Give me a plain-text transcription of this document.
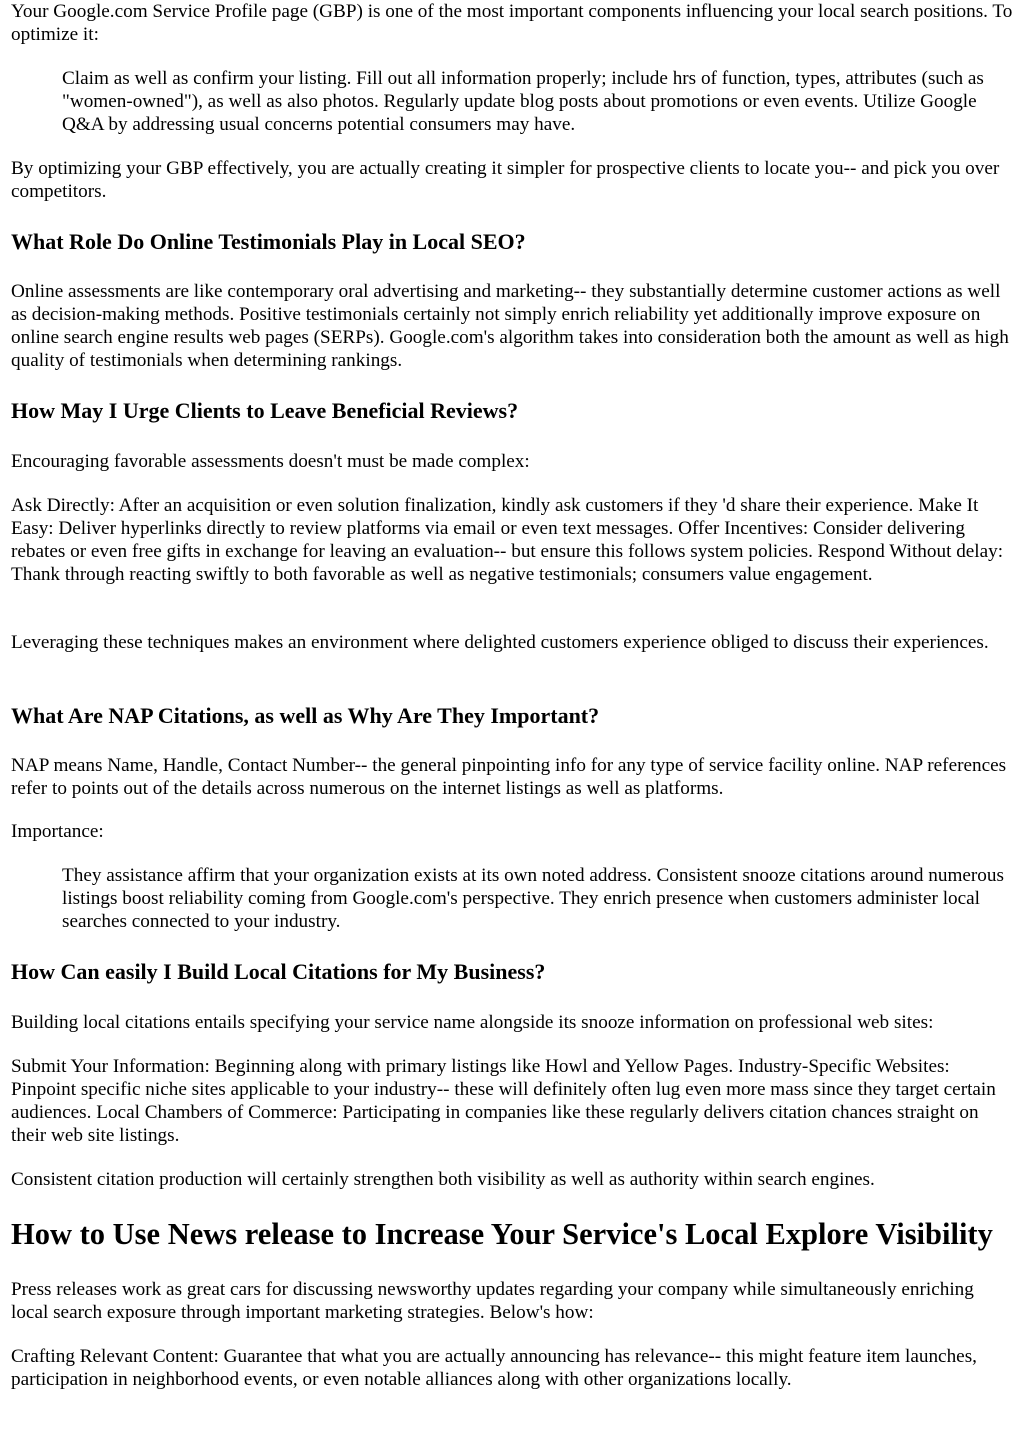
Your Google.com Service Profile page (GBP) is one of the most important components influencing your local search positions. To optimize it:

Claim as well as confirm your listing. Fill out all information properly; include hrs of function, types, attributes (such as "women-owned"), as well as also photos. Regularly update blog posts about promotions or even events. Utilize Google Q&A by addressing usual concerns potential consumers may have.

By optimizing your GBP effectively, you are actually creating it simpler for prospective clients to locate you-- and pick you over competitors.

What Role Do Online Testimonials Play in Local SEO?

Online assessments are like contemporary oral advertising and marketing-- they substantially determine customer actions as well as decision-making methods. Positive testimonials certainly not simply enrich reliability yet additionally improve exposure on online search engine results web pages (SERPs). Google.com's algorithm takes into consideration both the amount as well as high quality of testimonials when determining rankings.

How May I Urge Clients to Leave Beneficial Reviews?

Encouraging favorable assessments doesn't must be made complex:

Ask Directly: After an acquisition or even solution finalization, kindly ask customers if they 'd share their experience. Make It Easy: Deliver hyperlinks directly to review platforms via email or even text messages. Offer Incentives: Consider delivering rebates or even free gifts in exchange for leaving an evaluation-- but ensure this follows system policies. Respond Without delay: Thank through reacting swiftly to both favorable as well as negative testimonials; consumers value engagement.

Leveraging these techniques makes an environment where delighted customers experience obliged to discuss their experiences.

What Are NAP Citations, as well as Why Are They Important?

NAP means Name, Handle, Contact Number-- the general pinpointing info for any type of service facility online. NAP references refer to points out of the details across numerous on the internet listings as well as platforms.

Importance:

They assistance affirm that your organization exists at its own noted address. Consistent snooze citations around numerous listings boost reliability coming from Google.com's perspective. They enrich presence when customers administer local searches connected to your industry.
How Can easily I Build Local Citations for My Business?

Building local citations entails specifying your service name alongside its snooze information on professional web sites:

Submit Your Information: Beginning along with primary listings like Howl and Yellow Pages. Industry-Specific Websites: Pinpoint specific niche sites applicable to your industry-- these will definitely often lug even more mass since they target certain audiences. Local Chambers of Commerce: Participating in companies like these regularly delivers citation chances straight on their web site listings.

Consistent citation production will certainly strengthen both visibility as well as authority within search engines.

How to Use News release to Increase Your Service's Local Explore Visibility

Press releases work as great cars for discussing newsworthy updates regarding your company while simultaneously enriching local search exposure through important marketing strategies. Below's how:

Crafting Relevant Content: Guarantee that what you are actually announcing has relevance-- this might feature item launches, participation in neighborhood events, or even notable alliances along with other organizations locally.
